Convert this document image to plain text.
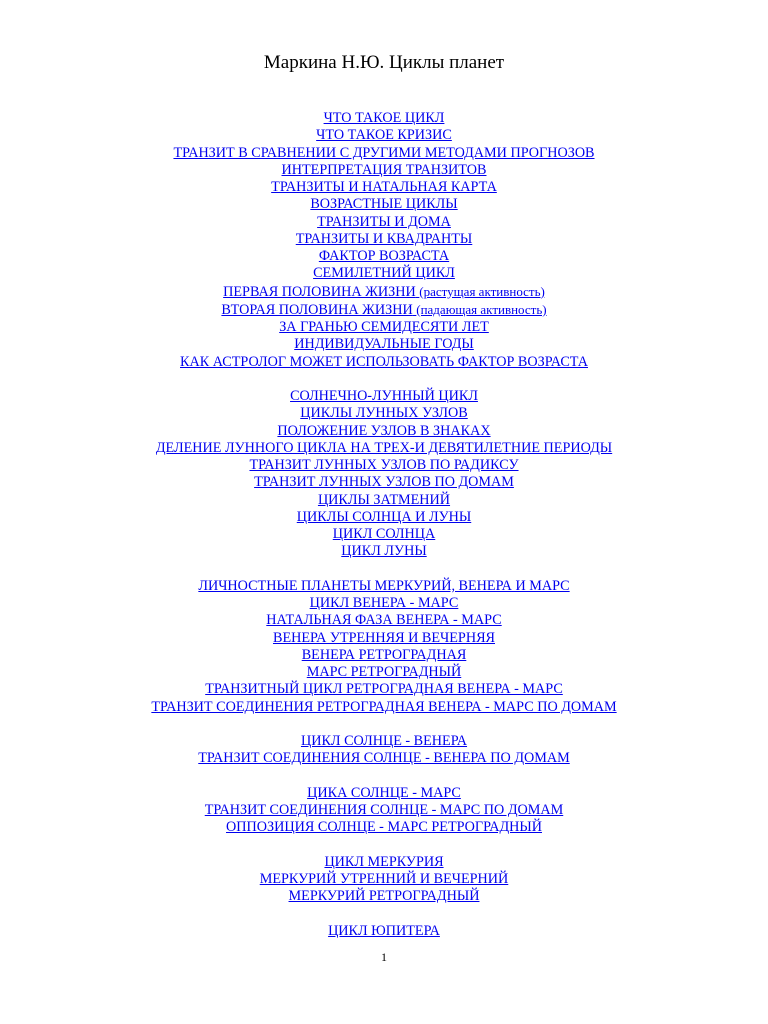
Маркина Н.Ю. Циклы планет
ЧТО ТАКОЕ ЦИКЛ
ЧТО ТАКОЕ КРИЗИС
ТРАНЗИТ В СРАВНЕНИИ С ДРУГИМИ МЕТОДАМИ ПРОГНОЗОВ
ИНТЕРПРЕТАЦИЯ ТРАНЗИТОВ
ТРАНЗИТЫ И НАТАЛЬНАЯ КАРТА
ВОЗРАСТНЫЕ ЦИКЛЫ
ТРАНЗИТЫ И ДОМА
ТРАНЗИТЫ И КВАДРАНТЫ
ФАКТОР ВОЗРАСТА
СЕМИЛЕТНИЙ ЦИКЛ
ПЕРВАЯ ПОЛОВИНА ЖИЗНИ (растущая активность)
ВТОРАЯ ПОЛОВИНА ЖИЗНИ (падающая активность)
ЗА ГРАНЬЮ СЕМИДЕСЯТИ ЛЕТ
ИНДИВИДУАЛЬНЫЕ ГОДЫ
КАК АСТРОЛОГ МОЖЕТ ИСПОЛЬЗОВАТЬ ФАКТОР ВОЗРАСТА
СОЛНЕЧНО-ЛУННЫЙ ЦИКЛ
ЦИКЛЫ ЛУННЫХ УЗЛОВ
ПОЛОЖЕНИЕ УЗЛОВ В ЗНАКАХ
ДЕЛЕНИЕ ЛУННОГО ЦИКЛА НА ТРЕХ-И ДЕВЯТИЛЕТНИЕ ПЕРИОДЫ
ТРАНЗИТ ЛУННЫХ УЗЛОВ ПО РАДИКСУ
ТРАНЗИТ ЛУННЫХ УЗЛОВ ПО ДОМАМ
ЦИКЛЫ ЗАТМЕНИЙ
ЦИКЛЫ СОЛНЦА И ЛУНЫ
ЦИКЛ СОЛНЦА
ЦИКЛ ЛУНЫ
ЛИЧНОСТНЫЕ ПЛАНЕТЫ МЕРКУРИЙ, ВЕНЕРА И МАРС
ЦИКЛ ВЕНЕРА - МАРС
НАТАЛЬНАЯ ФАЗА ВЕНЕРА - МАРС
ВЕНЕРА УТРЕННЯЯ И ВЕЧЕРНЯЯ
ВЕНЕРА РЕТРОГРАДНАЯ
МАРС РЕТРОГРАДНЫЙ
ТРАНЗИТНЫЙ ЦИКЛ РЕТРОГРАДНАЯ ВЕНЕРА - МАРС
ТРАНЗИТ СОЕДИНЕНИЯ РЕТРОГРАДНАЯ ВЕНЕРА - МАРС ПО ДОМАМ
ЦИКЛ СОЛНЦЕ - ВЕНЕРА
ТРАНЗИТ СОЕДИНЕНИЯ СОЛНЦЕ - ВЕНЕРА ПО ДОМАМ
ЦИКА СОЛНЦЕ - МАРС
ТРАНЗИТ СОЕДИНЕНИЯ СОЛНЦЕ - МАРС ПО ДОМАМ
ОППОЗИЦИЯ СОЛНЦЕ - МАРС РЕТРОГРАДНЫЙ
ЦИКЛ МЕРКУРИЯ
МЕРКУРИЙ УТРЕННИЙ И ВЕЧЕРНИЙ
МЕРКУРИЙ РЕТРОГРАДНЫЙ
ЦИКЛ ЮПИТЕРА
1
